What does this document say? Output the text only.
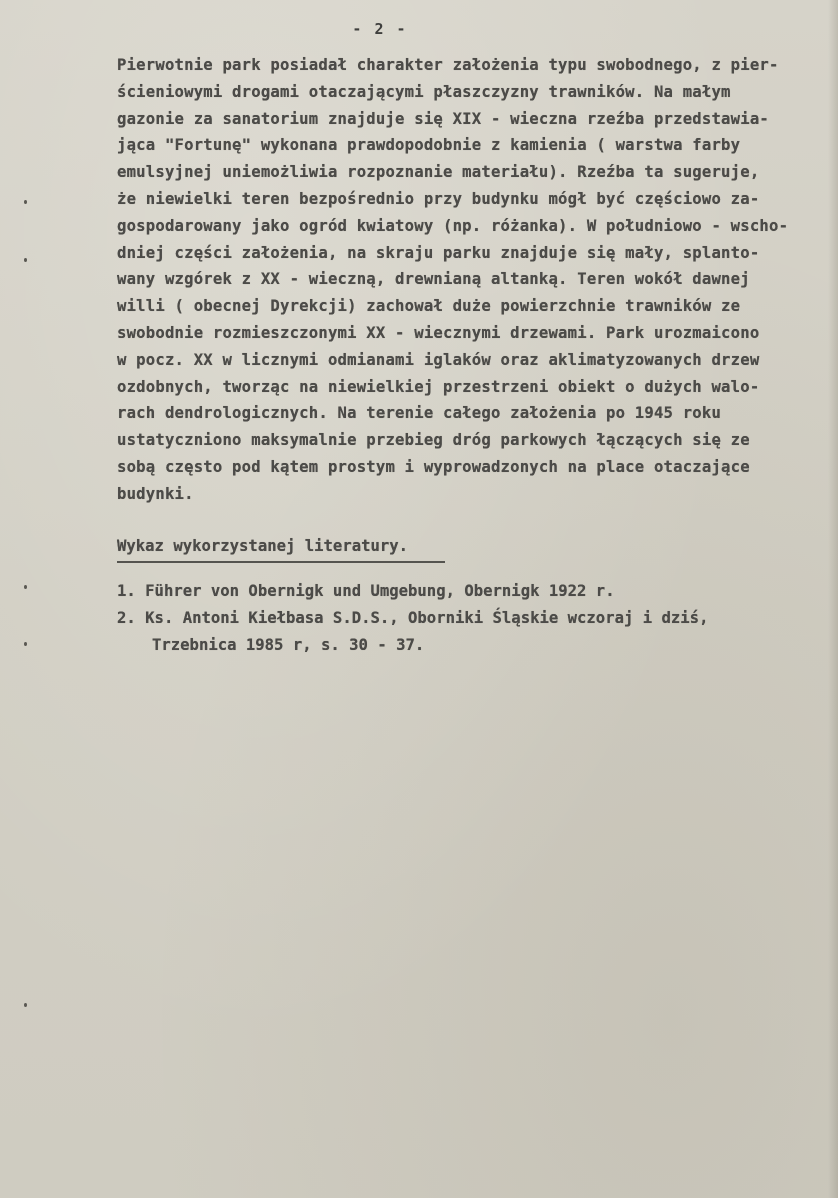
- 2 -
Pierwotnie park posiadał charakter założenia typu swobodnego, z pier-
ścieniowymi drogami otaczającymi płaszczyzny trawników. Na małym
gazonie za sanatorium znajduje się XIX - wieczna rzeźba przedstawia-
jąca "Fortunę" wykonana prawdopodobnie z kamienia ( warstwa farby
emulsyjnej uniemożliwia rozpoznanie materiału). Rzeźba ta sugeruje,
że niewielki teren bezpośrednio przy budynku mógł być częściowo za-
gospodarowany jako ogród kwiatowy (np. różanka). W południowo - wscho-
dniej części założenia, na skraju parku znajduje się mały, splanto-
wany wzgórek z XX - wieczną, drewnianą altanką. Teren wokół dawnej
willi ( obecnej Dyrekcji) zachował duże powierzchnie trawników ze
swobodnie rozmieszczonymi XX - wiecznymi drzewami. Park urozmaicono
w pocz. XX w licznymi odmianami iglaków oraz aklimatyzowanych drzew
ozdobnych, tworząc na niewielkiej przestrzeni obiekt o dużych walo-
rach dendrologicznych. Na terenie całego założenia po 1945 roku
ustatyczniono maksymalnie przebieg dróg parkowych łączących się ze
sobą często pod kątem prostym i wyprowadzonych na place otaczające
budynki.
Wykaz wykorzystanej literatury.
1. Führer von Obernigk und Umgebung, Obernigk 1922 r.
2. Ks. Antoni Kiełbasa S.D.S., Oborniki Śląskie wczoraj i dziś,
Trzebnica 1985 r, s. 30 - 37.
